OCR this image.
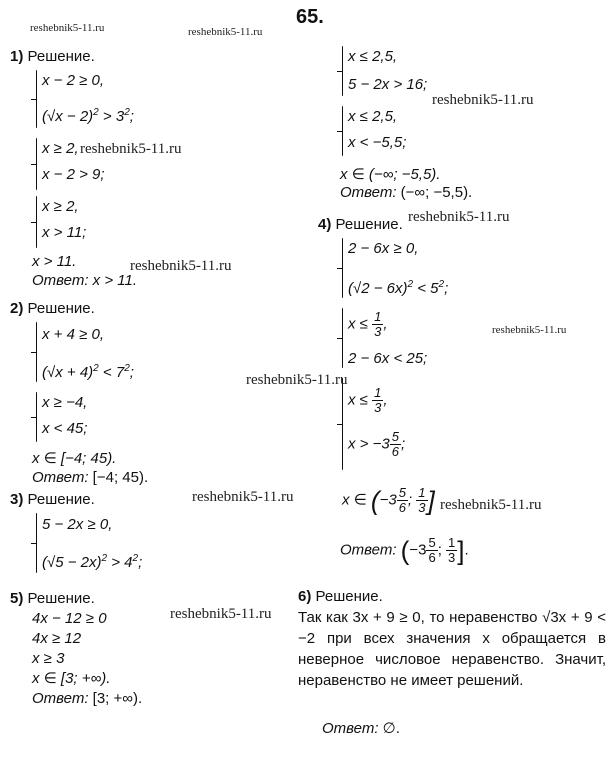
65.
reshebnik5-11.ru	reshebnik5-11.ru
reshebnik5-11.ru
reshebnik5-11.ru
reshebnik5-11.ru
reshebnik5-11.ru
reshebnik5-11.ru
reshebnik5-11.ru
reshebnik5-11.ru	reshebnik5-11.ru
reshebnik5-11.ru
1) Решение.
x − 2 ≥ 0,
$(√x - 2)^2 > 3^2$;
x ≥ 2,
x − 2 > 9;
x ≥ 2,
x > 11;
x > 11.
Ответ: x > 11.
2) Решение.
x + 4 ≥ 0,
$(√x + 4)^2 < 7^2$;
x ≥ −4,
x < 45;
x ∈ [−4; 45).
Ответ: [−4; 45).
3) Решение.
5 − 2x ≥ 0,
$(√5 - 2x)^2 > 4^2$;
x ≤ 2,5,
5 − 2x > 16;
x ≤ 2,5,
x < −5,5;
x ∈ (−∞; −5,5).
Ответ: (−∞; −5,5).
4) Решение.
2 − 6x ≥ 0,
$(√2 - 6x)^2 < 5^2$;
$x \le \frac{1}{3}$ ,
2 − 6x < 25;
$x \le \frac{1}{3}$ ,
$x > -3 \frac{5}{6}$ ;
x ∈ ($-3 \frac{5}{6}$ ; $\frac{1}{3}$ ]
Ответ: ($-3 \frac{5}{6}$ ; $\frac{1}{3}$ ].
5) Решение.
4x − 12 ≥ 0
4x ≥ 12
x ≥ 3
x ∈ [3; +∞).
Ответ: [3; +∞).
6) Решение.
Так как 3x + 9 ≥ 0, то неравенство √3x + 9 < −2 при всех значения x обращается в неверное числовое неравенство. Значит, неравенство не имеет решений.
Ответ: ∅.
